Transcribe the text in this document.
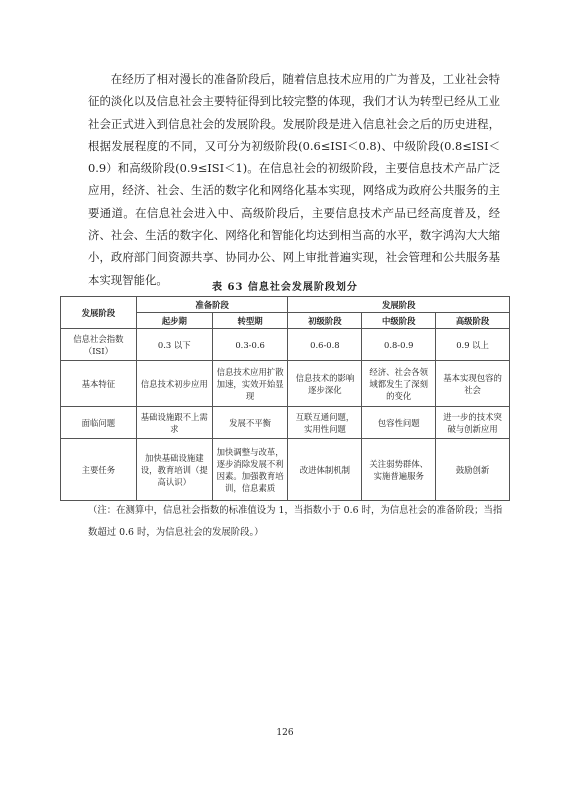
在经历了相对漫长的准备阶段后，随着信息技术应用的广为普及，工业社会特征的淡化以及信息社会主要特征得到比较完整的体现，我们才认为转型已经从工业社会正式进入到信息社会的发展阶段。发展阶段是进入信息社会之后的历史进程，根据发展程度的不同，又可分为初级阶段(0.6≤ISI＜0.8)、中级阶段(0.8≤ISI＜0.9）和高级阶段(0.9≤ISI＜1)。在信息社会的初级阶段，主要信息技术产品广泛应用，经济、社会、生活的数字化和网络化基本实现，网络成为政府公共服务的主要通道。在信息社会进入中、高级阶段后，主要信息技术产品已经高度普及，经济、社会、生活的数字化、网络化和智能化均达到相当高的水平，数字鸿沟大大缩小，政府部门间资源共享、协同办公、网上审批普遍实现，社会管理和公共服务基本实现智能化。

表 63 信息社会发展阶段划分
发展阶段	准备阶段		发展阶段		
	起步期	转型期	初级阶段	中级阶段	高级阶段
信息社会指数（ISI）	0.3 以下	0.3-0.6	0.6-0.8	0.8-0.9	0.9 以上
基本特征	信息技术初步应用	信息技术应用扩散加速，实效开始显现	信息技术的影响逐步深化	经济、社会各领域都发生了深刻的变化	基本实现包容的社会
面临问题	基础设施跟不上需求	发展不平衡	互联互通问题，实用性问题	包容性问题	进一步的技术突破与创新应用
主要任务	加快基础设施建设，教育培训（提高认识）	加快调整与改革，逐步消除发展不利因素。加强教育培训，信息素质	改进体制机制	关注弱势群体、实施普遍服务	鼓励创新

（注：在测算中，信息社会指数的标准值设为 1，当指数小于 0.6 时，为信息社会的准备阶段；当指数超过 0.6 时，为信息社会的发展阶段。）

126
